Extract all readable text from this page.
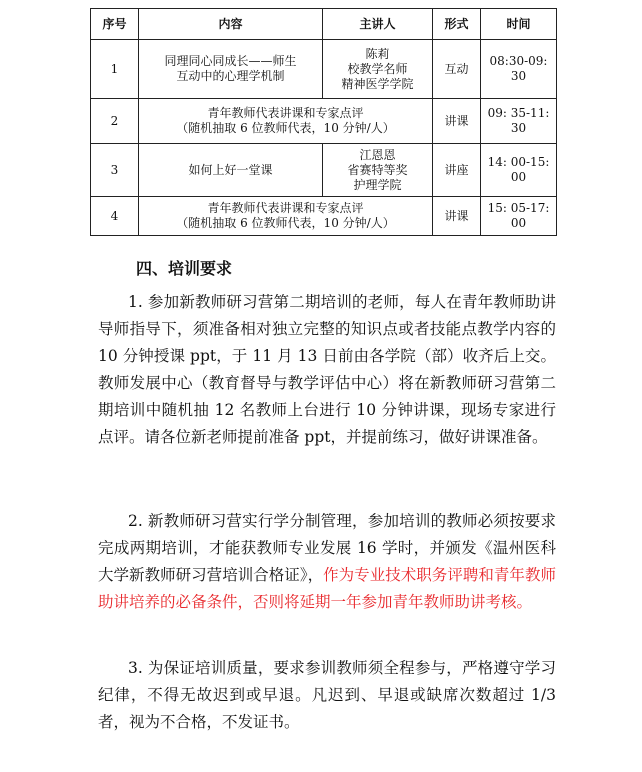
序号	内容	主讲人	形式	时间
1	同理同心同成长——师生
互动中的心理学机制	陈莉
校教学名师
精神医学学院	互动	08:30-09: 30
2	青年教师代表讲课和专家点评
（随机抽取 6 位教师代表，10 分钟/人）		讲课	09: 35-11: 30
3	如何上好一堂课	江恩恩
省赛特等奖
护理学院	讲座	14: 00-15: 00
4	青年教师代表讲课和专家点评
（随机抽取 6 位教师代表，10 分钟/人）		讲课	15: 05-17: 00
四、培训要求

1. 参加新教师研习营第二期培训的老师，每人在青年教师助讲导师指导下，须准备相对独立完整的知识点或者技能点教学内容的 10 分钟授课 ppt，于 11 月 13 日前由各学院（部）收齐后上交。教师发展中心（教育督导与教学评估中心）将在新教师研习营第二期培训中随机抽 12 名教师上台进行 10 分钟讲课，现场专家进行点评。请各位新老师提前准备 ppt，并提前练习，做好讲课准备。

2. 新教师研习营实行学分制管理，参加培训的教师必须按要求完成两期培训，才能获教师专业发展 16 学时，并颁发《温州医科大学新教师研习营培训合格证》，作为专业技术职务评聘和青年教师助讲培养的必备条件，否则将延期一年参加青年教师助讲考核。

3. 为保证培训质量，要求参训教师须全程参与，严格遵守学习纪律，不得无故迟到或早退。凡迟到、早退或缺席次数超过 1/3 者，视为不合格，不发证书。
